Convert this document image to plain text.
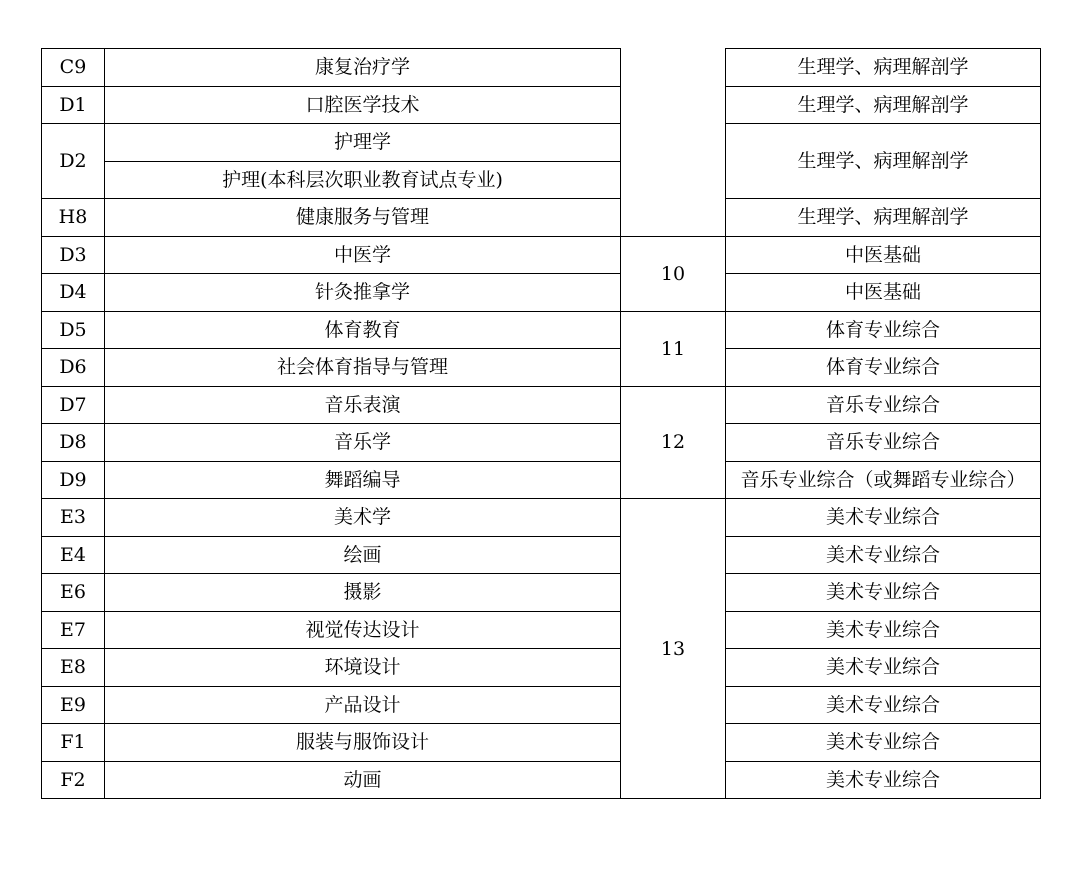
C9	康复治疗学		生理学、病理解剖学
D1	口腔医学技术		生理学、病理解剖学
D2	护理学		生理学、病理解剖学
	护理(本科层次职业教育试点专业)		
H8	健康服务与管理		生理学、病理解剖学
D3	中医学	10	中医基础
D4	针灸推拿学		中医基础
D5	体育教育	11	体育专业综合
D6	社会体育指导与管理		体育专业综合
D7	音乐表演	12	音乐专业综合
D8	音乐学		音乐专业综合
D9	舞蹈编导		音乐专业综合（或舞蹈专业综合）
E3	美术学	13	美术专业综合
E4	绘画		美术专业综合
E6	摄影		美术专业综合
E7	视觉传达设计		美术专业综合
E8	环境设计		美术专业综合
E9	产品设计		美术专业综合
F1	服装与服饰设计		美术专业综合
F2	动画		美术专业综合
